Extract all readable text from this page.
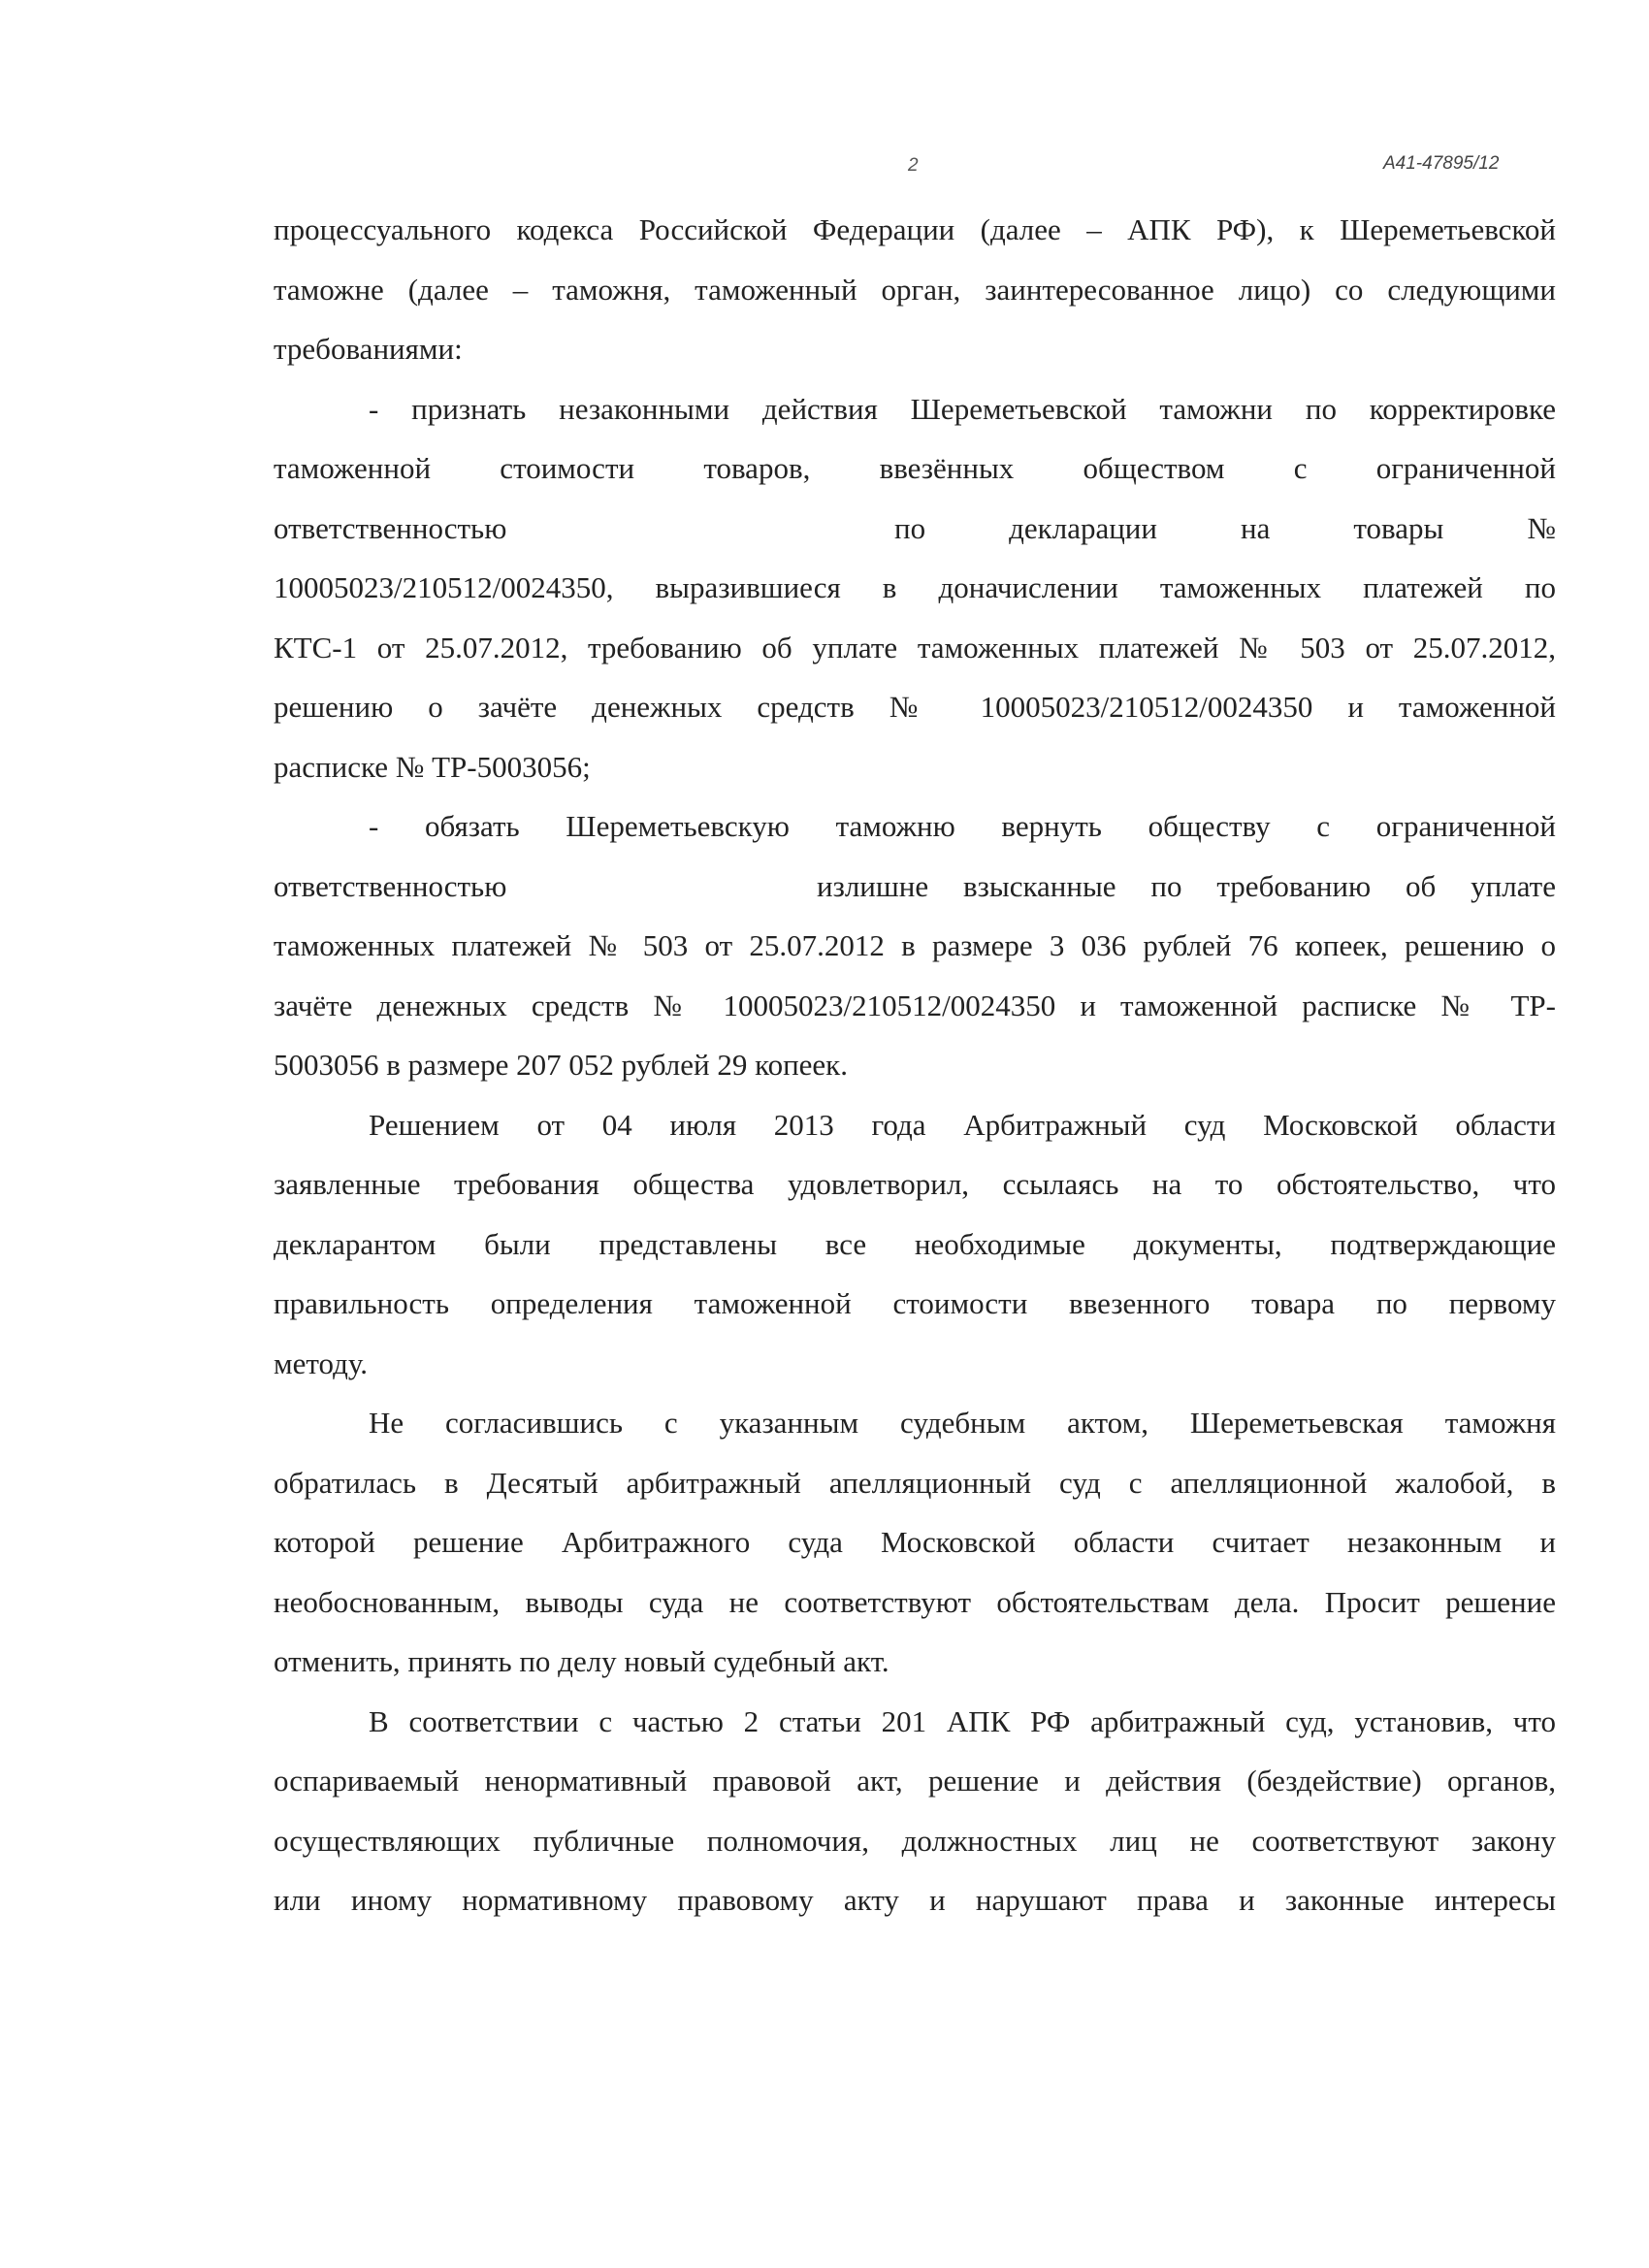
2	А41-47895/12
процессуального кодекса Российской Федерации (далее – АПК РФ), к Шереметьевской
таможне (далее – таможня, таможенный орган, заинтересованное лицо) со следующими
требованиями:
- признать незаконными действия Шереметьевской таможни по корректировке
таможенной стоимости товаров, ввезённых обществом с ограниченной
ответственностью	по декларации на товары №
10005023/210512/0024350, выразившиеся в доначислении таможенных платежей по
КТС-1 от 25.07.2012, требованию об уплате таможенных платежей № 503 от 25.07.2012,
решению о зачёте денежных средств № 10005023/210512/0024350 и таможенной
расписке № ТР-5003056;
- обязать Шереметьевскую таможню вернуть обществу с ограниченной
ответственностью	излишне взысканные по требованию об уплате
таможенных платежей № 503 от 25.07.2012 в размере 3 036 рублей 76 копеек, решению о
зачёте денежных средств № 10005023/210512/0024350 и таможенной расписке № ТР-
5003056 в размере 207 052 рублей 29 копеек.
Решением от 04 июля 2013 года Арбитражный суд Московской области
заявленные требования общества удовлетворил, ссылаясь на то обстоятельство, что
декларантом были представлены все необходимые документы, подтверждающие
правильность определения таможенной стоимости ввезенного товара по первому
методу.
Не согласившись с указанным судебным актом, Шереметьевская таможня
обратилась в Десятый арбитражный апелляционный суд с апелляционной жалобой, в
которой решение Арбитражного суда Московской области считает незаконным и
необоснованным, выводы суда не соответствуют обстоятельствам дела. Просит решение
отменить, принять по делу новый судебный акт.
В соответствии с частью 2 статьи 201 АПК РФ арбитражный суд, установив, что
оспариваемый ненормативный правовой акт, решение и действия (бездействие) органов,
осуществляющих публичные полномочия, должностных лиц не соответствуют закону
или иному нормативному правовому акту и нарушают права и законные интересы
